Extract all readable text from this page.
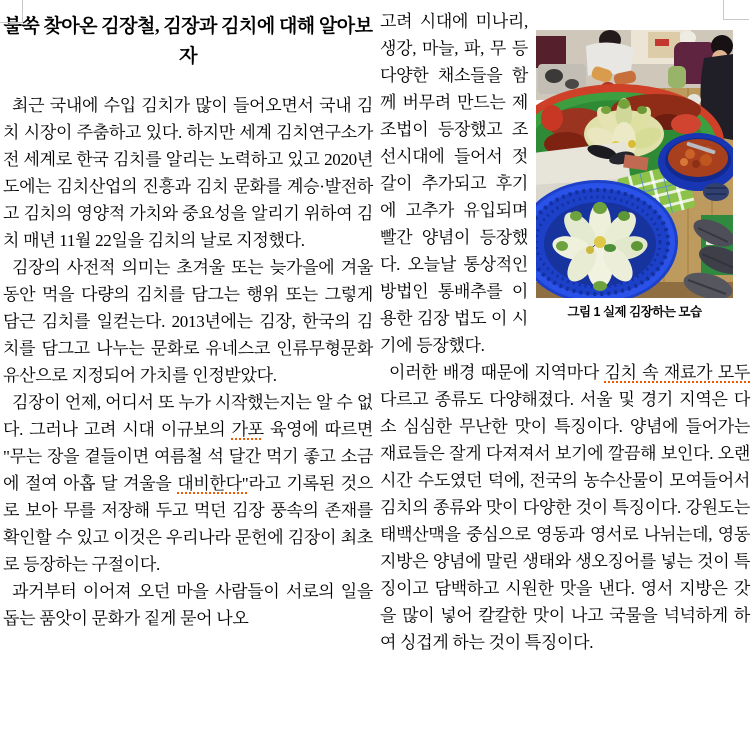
불쑥 찾아온 김장철, 김장과 김치에 대해 알아보자

최근 국내에 수입 김치가 많이 들어오면서 국내 김치 시장이 주춤하고 있다. 하지만 세계 김치연구소가 전 세계로 한국 김치를 알리는 노력하고 있고 2020년도에는 김치산업의 진흥과 김치 문화를 계승·발전하고 김치의 영양적 가치와 중요성을 알리기 위하여 김치 매년 11월 22일을 김치의 날로 지정했다.

김장의 사전적 의미는 초겨울 또는 늦가을에 겨울 동안 먹을 다량의 김치를 담그는 행위 또는 그렇게 담근 김치를 일컫는다. 2013년에는 김장, 한국의 김치를 담그고 나누는 문화로 유네스코 인류무형문화유산으로 지정되어 가치를 인정받았다.

김장이 언제, 어디서 또 누가 시작했는지는 알 수 없다. 그러나 고려 시대 이규보의 가포 육영에 따르면 "무는 장을 곁들이면 여름철 석 달간 먹기 좋고 소금에 절여 아홉 달 겨울을 대비한다"라고 기록된 것으로 보아 무를 저장해 두고 먹던 김장 풍속의 존재를 확인할 수 있고 이것은 우리나라 문헌에 김장이 최초로 등장하는 구절이다.

과거부터 이어져 오던 마을 사람들이 서로의 일을 돕는 품앗이 문화가 짙게 묻어 나오

그림 1 실제 김장하는 모습

고려 시대에 미나리, 생강, 마늘, 파, 무 등 다양한 채소들을 함께 버무려 만드는 제조법이 등장했고 조선시대에 들어서 젓갈이 추가되고 후기에 고추가 유입되며 빨간 양념이 등장했다. 오늘날 통상적인 방법인 통배추를 이용한 김장 법도 이 시기에 등장했다.

이러한 배경 때문에 지역마다 김치 속 재료가 모두 다르고 종류도 다양해졌다. 서울 및 경기 지역은 다소 심심한 무난한 맛이 특징이다. 양념에 들어가는 재료들은 잘게 다져져서 보기에 깔끔해 보인다. 오랜 시간 수도였던 덕에, 전국의 농수산물이 모여들어서 김치의 종류와 맛이 다양한 것이 특징이다. 강원도는 태백산맥을 중심으로 영동과 영서로 나뉘는데, 영동 지방은 양념에 말린 생태와 생오징어를 넣는 것이 특징이고 담백하고 시원한 맛을 낸다. 영서 지방은 갓을 많이 넣어 칼칼한 맛이 나고 국물을 넉넉하게 하여 싱겁게 하는 것이 특징이다.
